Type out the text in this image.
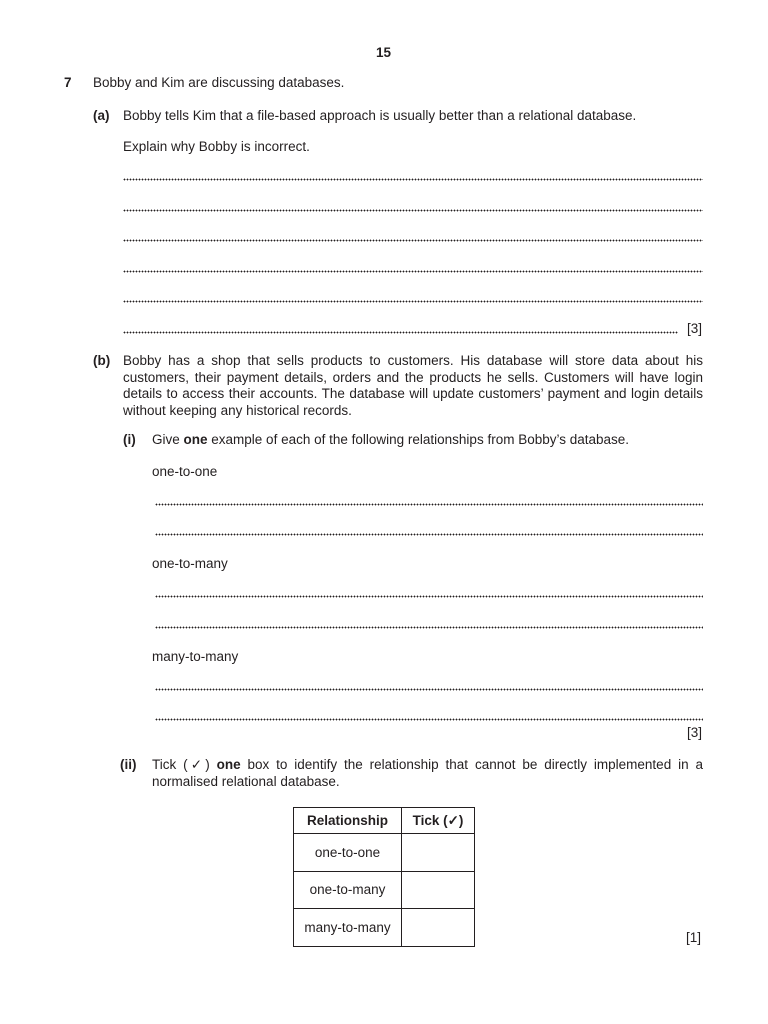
15
7 Bobby and Kim are discussing databases.
(a) Bobby tells Kim that a file-based approach is usually better than a relational database.
Explain why Bobby is incorrect.
[3]
(b) Bobby has a shop that sells products to customers. His database will store data about his customers, their payment details, orders and the products he sells. Customers will have login details to access their accounts. The database will update customers’ payment and login details without keeping any historical records.
(i) Give one example of each of the following relationships from Bobby’s database.
one-to-one
one-to-many
many-to-many
[3]
(ii) Tick (✓) one box to identify the relationship that cannot be directly implemented in a normalised relational database.
Relationship	Tick (✓)
one-to-one	
one-to-many	
many-to-many	
[1]
